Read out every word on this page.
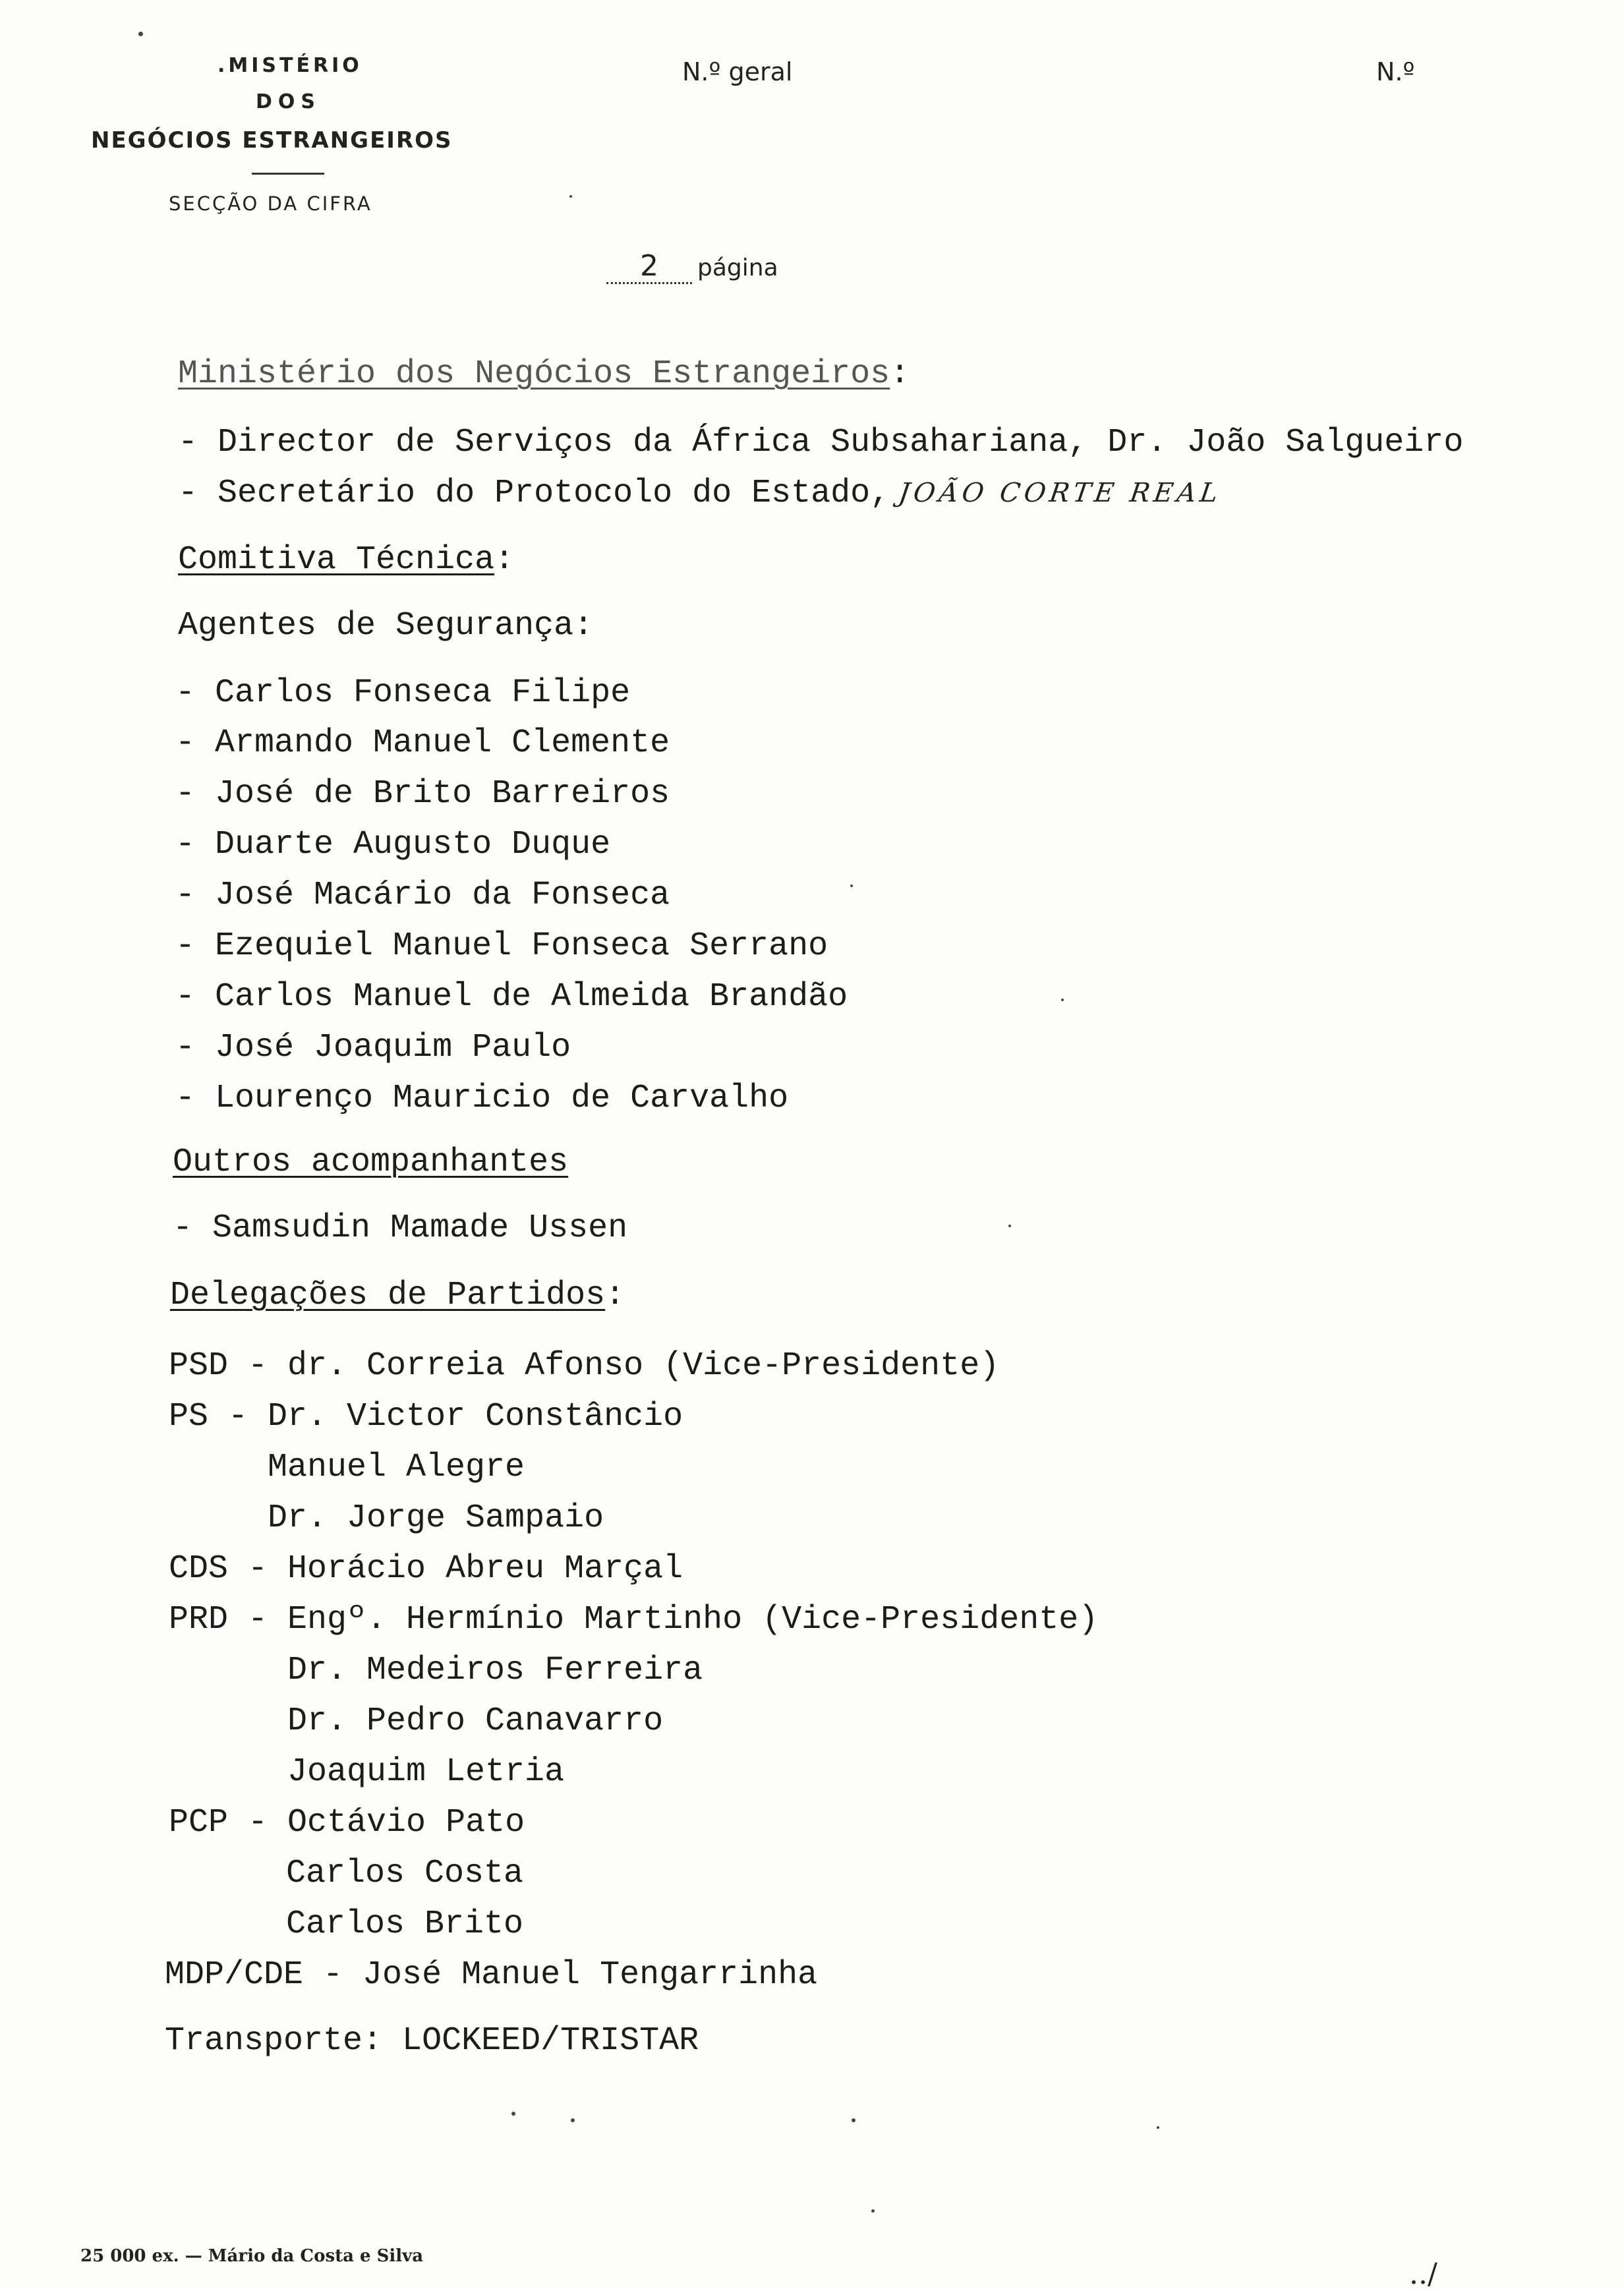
.MISTÉRIO
DOS
NEGÓCIOS ESTRANGEIROS
SECÇÃO DA CIFRA
N.º geral	N.º
2 página
Ministério dos Negócios Estrangeiros:
- Director de Serviços da África Subsahariana, Dr. João Salgueiro
- Secretário do Protocolo do Estado, JOÃO CORTE REAL
Comitiva Técnica:
Agentes de Segurança:
- Carlos Fonseca Filipe
- Armando Manuel Clemente
- José de Brito Barreiros
- Duarte Augusto Duque
- José Macário da Fonseca
- Ezequiel Manuel Fonseca Serrano
- Carlos Manuel de Almeida Brandão
- José Joaquim Paulo
- Lourenço Mauricio de Carvalho
Outros acompanhantes
- Samsudin Mamade Ussen
Delegações de Partidos:
PSD - dr. Correia Afonso (Vice-Presidente)
PS - Dr. Victor Constâncio
Manuel Alegre
Dr. Jorge Sampaio
CDS - Horácio Abreu Marçal
PRD - Engº. Hermínio Martinho (Vice-Presidente)
Dr. Medeiros Ferreira
Dr. Pedro Canavarro
Joaquim Letria
PCP - Octávio Pato
Carlos Costa
Carlos Brito
MDP/CDE - José Manuel Tengarrinha
Transporte: LOCKEED/TRISTAR
25 000 ex. — Mário da Costa e Silva
../
